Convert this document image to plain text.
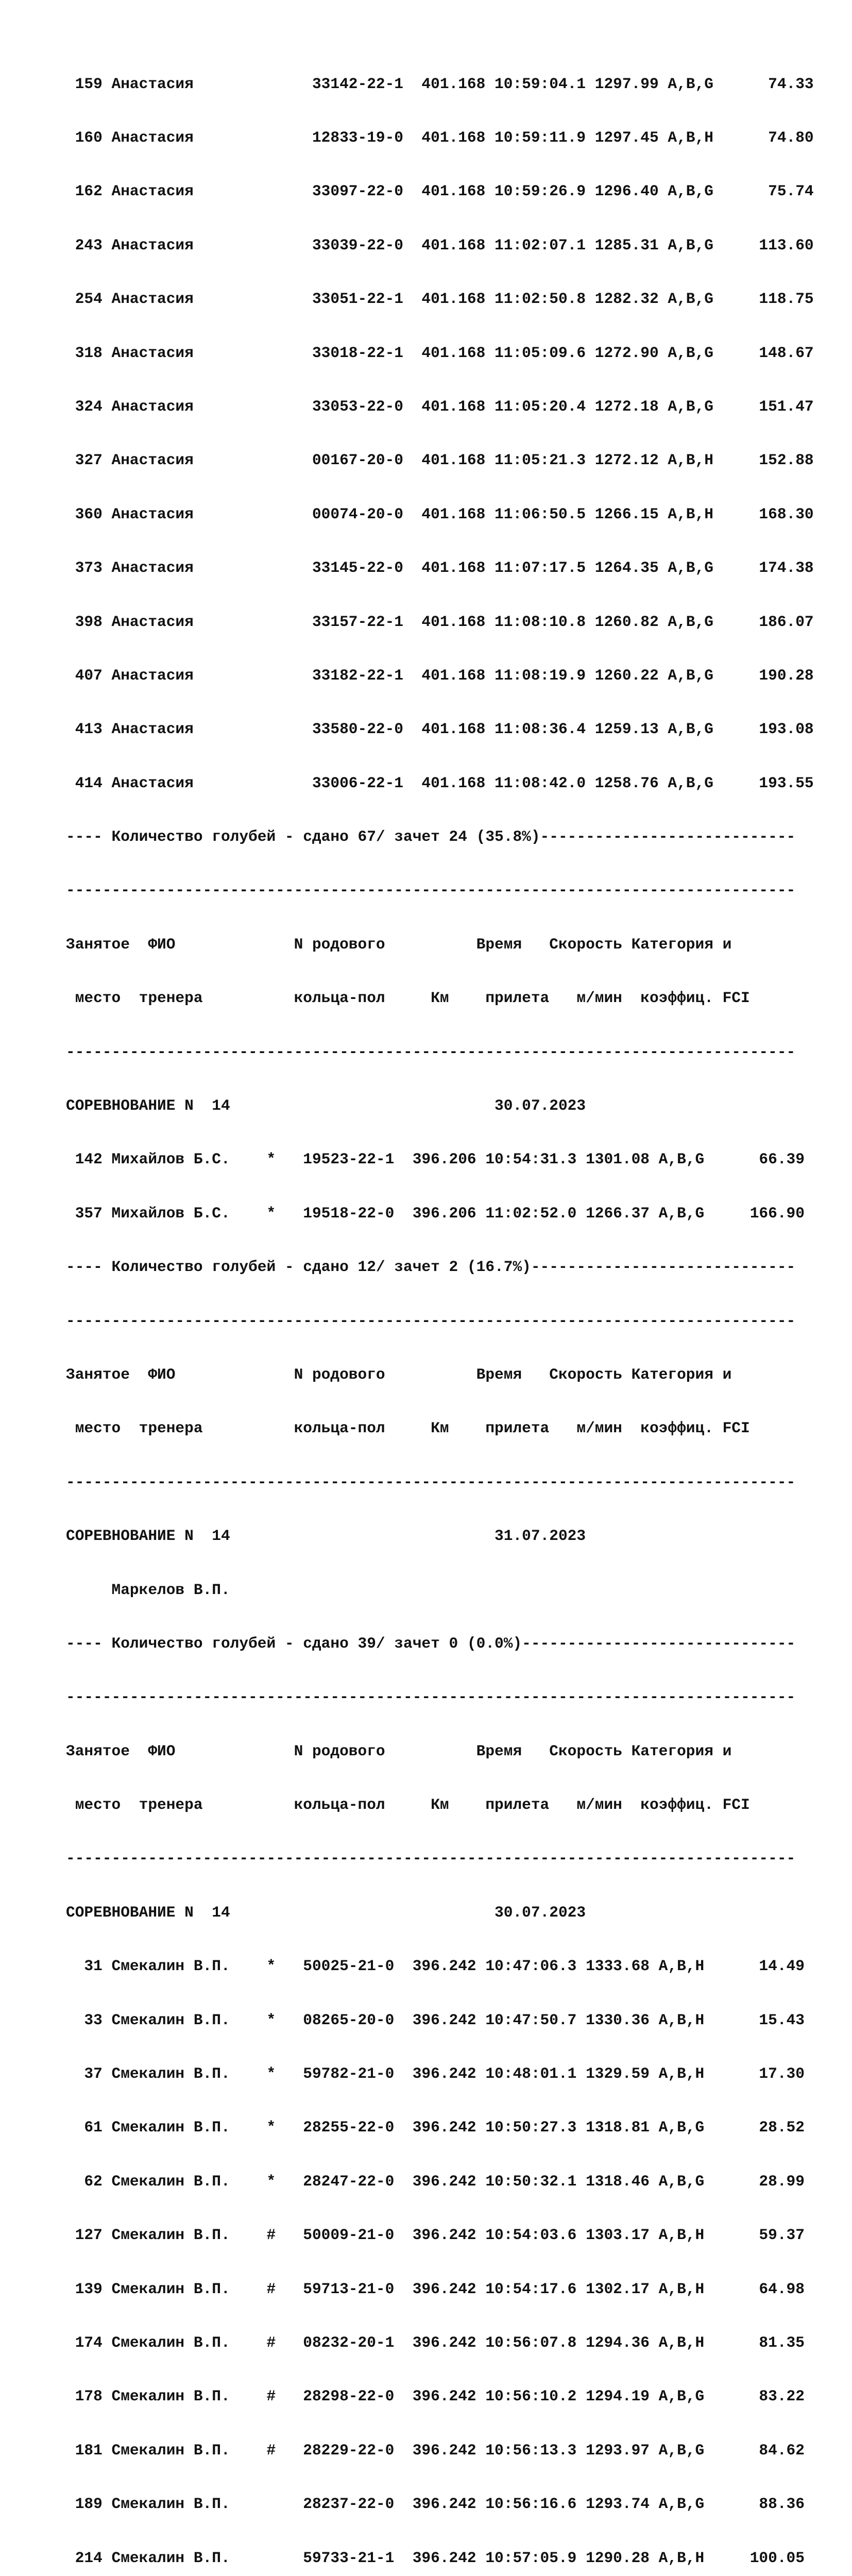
159 Анастасия             33142-22-1  401.168 10:59:04.1 1297.99 A,B,G      74.33

160 Анастасия             12833-19-0  401.168 10:59:11.9 1297.45 A,B,H      74.80

162 Анастасия             33097-22-0  401.168 10:59:26.9 1296.40 A,B,G      75.74

243 Анастасия             33039-22-0  401.168 11:02:07.1 1285.31 A,B,G     113.60

254 Анастасия             33051-22-1  401.168 11:02:50.8 1282.32 A,B,G     118.75

318 Анастасия             33018-22-1  401.168 11:05:09.6 1272.90 A,B,G     148.67

324 Анастасия             33053-22-0  401.168 11:05:20.4 1272.18 A,B,G     151.47

327 Анастасия             00167-20-0  401.168 11:05:21.3 1272.12 A,B,H     152.88

360 Анастасия             00074-20-0  401.168 11:06:50.5 1266.15 A,B,H     168.30

373 Анастасия             33145-22-0  401.168 11:07:17.5 1264.35 A,B,G     174.38

398 Анастасия             33157-22-1  401.168 11:08:10.8 1260.82 A,B,G     186.07

407 Анастасия             33182-22-1  401.168 11:08:19.9 1260.22 A,B,G     190.28

413 Анастасия             33580-22-0  401.168 11:08:36.4 1259.13 A,B,G     193.08

414 Анастасия             33006-22-1  401.168 11:08:42.0 1258.76 A,B,G     193.55

---- Количество голубей - сдано 67/ зачет 24 (35.8%)----------------------------

--------------------------------------------------------------------------------

Занятое  ФИО             N родового          Время   Скорость Категория и

место  тренера          кольца-пол     Км    прилета   м/мин  коэффиц. FCI

--------------------------------------------------------------------------------

СОРЕВНОВАНИЕ N  14                             30.07.2023

142 Михайлов Б.С.    *   19523-22-1  396.206 10:54:31.3 1301.08 A,B,G      66.39

357 Михайлов Б.С.    *   19518-22-0  396.206 11:02:52.0 1266.37 A,B,G     166.90

---- Количество голубей - сдано 12/ зачет 2 (16.7%)-----------------------------

--------------------------------------------------------------------------------

Занятое  ФИО             N родового          Время   Скорость Категория и

место  тренера          кольца-пол     Км    прилета   м/мин  коэффиц. FCI

--------------------------------------------------------------------------------

СОРЕВНОВАНИЕ N  14                             31.07.2023

Маркелов В.П.

---- Количество голубей - сдано 39/ зачет 0 (0.0%)------------------------------

--------------------------------------------------------------------------------

Занятое  ФИО             N родового          Время   Скорость Категория и

место  тренера          кольца-пол     Км    прилета   м/мин  коэффиц. FCI

--------------------------------------------------------------------------------

СОРЕВНОВАНИЕ N  14                             30.07.2023

31 Смекалин В.П.    *   50025-21-0  396.242 10:47:06.3 1333.68 A,B,H      14.49

33 Смекалин В.П.    *   08265-20-0  396.242 10:47:50.7 1330.36 A,B,H      15.43

37 Смекалин В.П.    *   59782-21-0  396.242 10:48:01.1 1329.59 A,B,H      17.30

61 Смекалин В.П.    *   28255-22-0  396.242 10:50:27.3 1318.81 A,B,G      28.52

62 Смекалин В.П.    *   28247-22-0  396.242 10:50:32.1 1318.46 A,B,G      28.99

127 Смекалин В.П.    #   50009-21-0  396.242 10:54:03.6 1303.17 A,B,H      59.37

139 Смекалин В.П.    #   59713-21-0  396.242 10:54:17.6 1302.17 A,B,H      64.98

174 Смекалин В.П.    #   08232-20-1  396.242 10:56:07.8 1294.36 A,B,H      81.35

178 Смекалин В.П.    #   28298-22-0  396.242 10:56:10.2 1294.19 A,B,G      83.22

181 Смекалин В.П.    #   28229-22-0  396.242 10:56:13.3 1293.97 A,B,G      84.62

189 Смекалин В.П.        28237-22-0  396.242 10:56:16.6 1293.74 A,B,G      88.36

214 Смекалин В.П.        59733-21-1  396.242 10:57:05.9 1290.28 A,B,H     100.05
